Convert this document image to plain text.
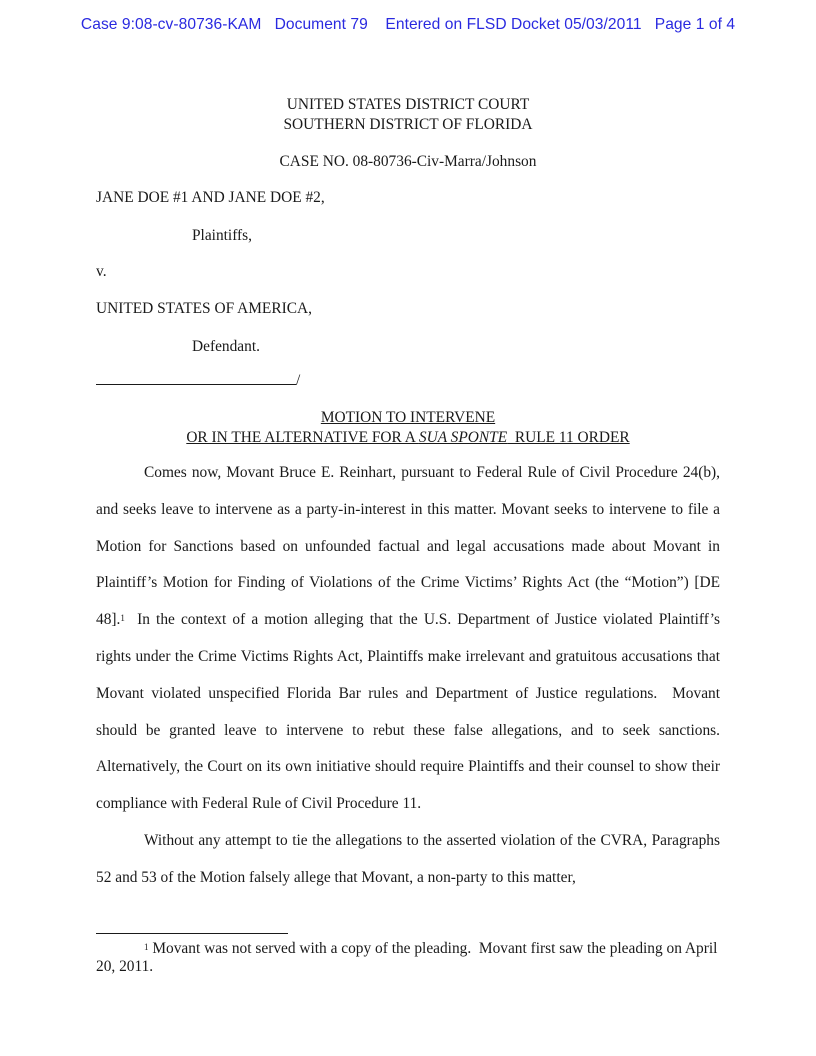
Case 9:08-cv-80736-KAM   Document 79    Entered on FLSD Docket 05/03/2011   Page 1 of 4
UNITED STATES DISTRICT COURT
SOUTHERN DISTRICT OF FLORIDA
CASE NO. 08-80736-Civ-Marra/Johnson
JANE DOE #1 AND JANE DOE #2,
Plaintiffs,
v.
UNITED STATES OF AMERICA,
Defendant.
/
MOTION TO INTERVENE
OR IN THE ALTERNATIVE FOR A SUA SPONTE  RULE 11 ORDER

Comes now, Movant Bruce E. Reinhart, pursuant to Federal Rule of Civil Procedure 24(b), and seeks leave to intervene as a party-in-interest in this matter. Movant seeks to intervene to file a Motion for Sanctions based on unfounded factual and legal accusations made about Movant in Plaintiff’s Motion for Finding of Violations of the Crime Victims’ Rights Act (the “Motion”) [DE 48].$^1$  In the context of a motion alleging that the U.S. Department of Justice violated Plaintiff’s rights under the Crime Victims Rights Act, Plaintiffs make irrelevant and gratuitous accusations that Movant violated unspecified Florida Bar rules and Department of Justice regulations.  Movant should be granted leave to intervene to rebut these false allegations, and to seek sanctions.  Alternatively, the Court on its own initiative should require Plaintiffs and their counsel to show their compliance with Federal Rule of Civil Procedure 11.

Without any attempt to tie the allegations to the asserted violation of the CVRA, Paragraphs 52 and 53 of the Motion falsely allege that Movant, a non-party to this matter,

$^1$ Movant was not served with a copy of the pleading.  Movant first saw the pleading on April 20, 2011.
